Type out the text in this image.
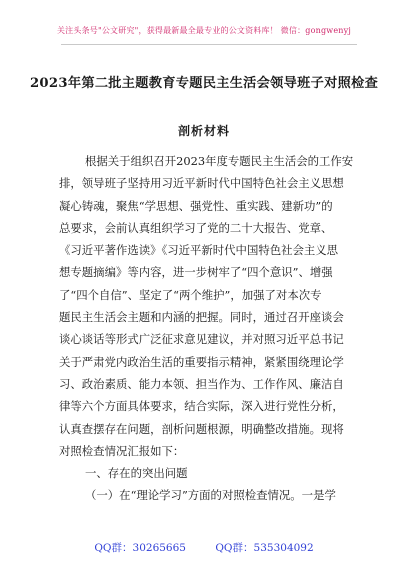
关注头条号"公文研究"，获得最新最全最专业的公文资料库！ 微信：gongwenyj
2023年第二批主题教育专题民主生活会领导班子对照检查
剖析材料
根据关于组织召开2023年度专题民主生活会的工作安
排，领导班子坚持用习近平新时代中国特色社会主义思想
凝心铸魂，聚焦“学思想、强党性、重实践、建新功”的
总要求，会前认真组织学习了党的二十大报告、党章、
《习近平著作选读》《习近平新时代中国特色社会主义思
想专题摘编》等内容，进一步树牢了“四个意识”、增强
了“四个自信”、坚定了“两个维护”，加强了对本次专
题民主生活会主题和内涵的把握。同时，通过召开座谈会
谈心谈话等形式广泛征求意见建议，并对照习近平总书记
关于严肃党内政治生活的重要指示精神，紧紧围绕理论学
习、政治素质、能力本领、担当作为、工作作风、廉洁自
律等六个方面具体要求，结合实际，深入进行党性分析，
认真查摆存在问题，剖析问题根源，明确整改措施。现将
对照检查情况汇报如下：
一、存在的突出问题
（一）在“理论学习”方面的对照检查情况。一是学
QQ群：30265665	QQ群：535304092
